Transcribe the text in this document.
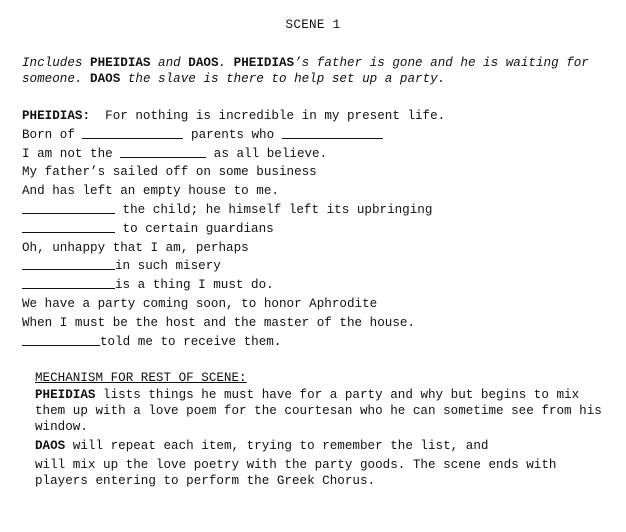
SCENE 1
Includes PHEIDIAS and DAOS. PHEIDIAS’s father is gone and he is waiting for someone. DAOS the slave is there to help set up a party.
PHEIDIAS:  For nothing is incredible in my present life.
Born of	parents who
I am not the	as all believe.
My father’s sailed off on some business
And has left an empty house to me.
the child; he himself left its upbringing
to certain guardians
Oh, unhappy that I am, perhaps
in such misery
is a thing I must do.
We have a party coming soon, to honor Aphrodite
When I must be the host and the master of the house.
told me to receive them.
MECHANISM FOR REST OF SCENE:

PHEIDIAS lists things he must have for a party and why but begins to mix them up with a love poem for the courtesan who he can sometime see from his window.

DAOS will repeat each item, trying to remember the list, and

will mix up the love poetry with the party goods. The scene ends with players entering to perform the Greek Chorus.
